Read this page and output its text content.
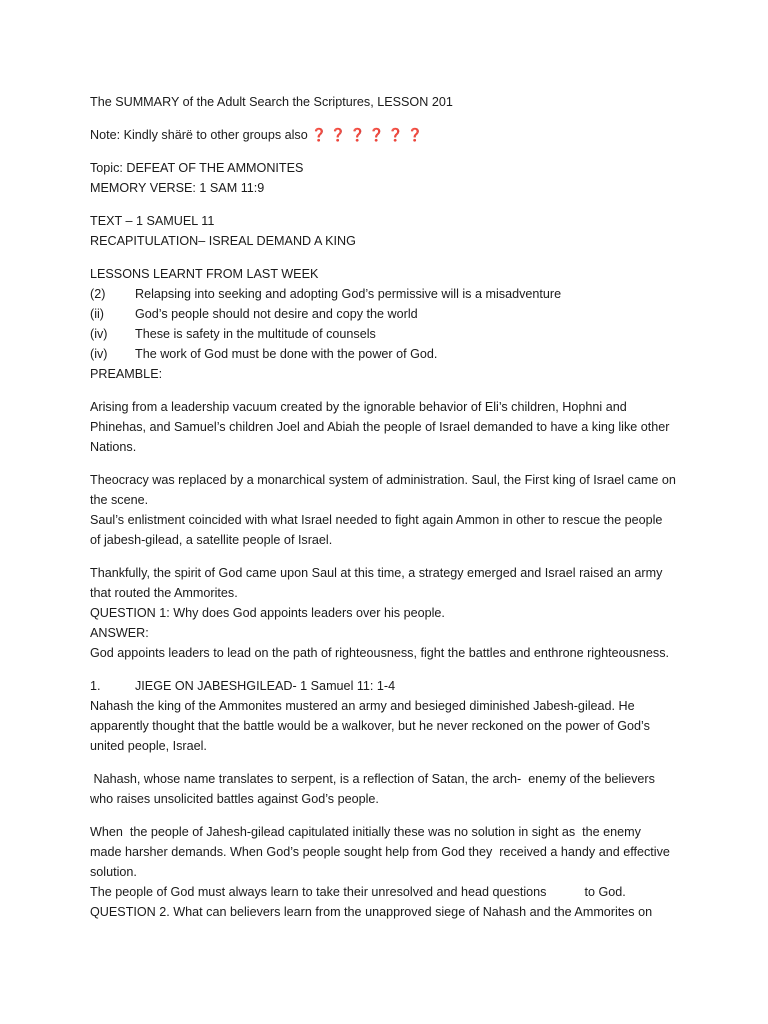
The SUMMARY of the Adult Search the Scriptures, LESSON 201
Note: Kindly shärë to other groups also ❓ ❓ ❓ ❓ ❓ ❓
Topic: DEFEAT OF THE AMMONITES
MEMORY VERSE: 1 SAM 11:9
TEXT – 1 SAMUEL 11
RECAPITULATION– ISREAL DEMAND A KING
LESSONS LEARNT FROM LAST WEEK
(2) Relapsing into seeking and adopting God’s permissive will is a misadventure
(ii) God’s people should not desire and copy the world
(iv) These is safety in the multitude of counsels
(iv) The work of God must be done with the power of God.
PREAMBLE:
Arising from a leadership vacuum created by the ignorable behavior of Eli’s children, Hophni and
Phinehas, and Samuel’s children Joel and Abiah the people of Israel demanded to have a king like other
Nations.
Theocracy was replaced by a monarchical system of administration. Saul, the First king of Israel came on
the scene.
Saul’s enlistment coincided with what Israel needed to fight again Ammon in other to rescue the people
of jabesh-gilead, a satellite people of Israel.
Thankfully, the spirit of God came upon Saul at this time, a strategy emerged and Israel raised an army
that routed the Ammorites.
QUESTION 1: Why does God appoints leaders over his people.
ANSWER:
God appoints leaders to lead on the path of righteousness, fight the battles and enthrone righteousness.
1.	JIEGE ON JABESHGILEAD- 1 Samuel 11: 1-4
Nahash the king of the Ammonites mustered an army and besieged diminished Jabesh-gilead. He
apparently thought that the battle would be a walkover, but he never reckoned on the power of God’s
united people, Israel.
Nahash, whose name translates to serpent, is a reflection of Satan, the arch-  enemy of the believers
who raises unsolicited battles against God’s people.
When  the people of Jahesh-gilead capitulated initially these was no solution in sight as  the enemy
made harsher demands. When God’s people sought help from God they  received a handy and effective
solution.
The people of God must always learn to take their unresolved and head questions	to God.
QUESTION 2. What can believers learn from the unapproved siege of Nahash and the Ammorites on
